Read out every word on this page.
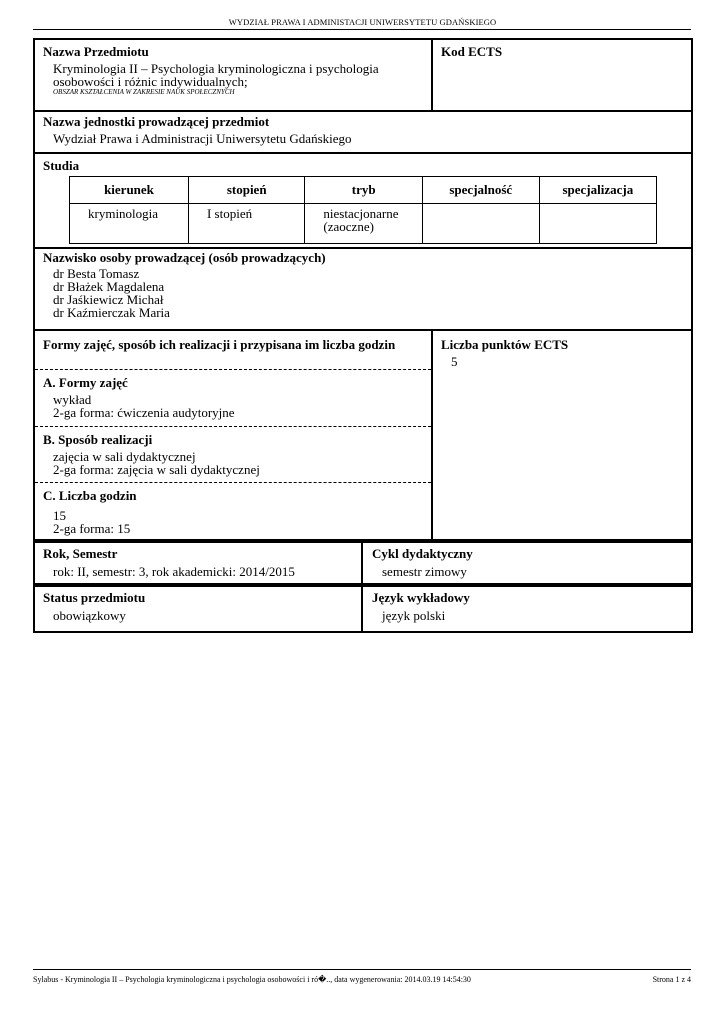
WYDZIAŁ PRAWA I ADMINISTACJI UNIWERSYTETU GDAŃSKIEGO
Nazwa Przedmiotu
Kryminologia II – Psychologia kryminologiczna i psychologia
osobowości i różnic indywidualnych;
OBSZAR KSZTAŁCENIA W ZAKRESIE NAUK SPOŁECZNYCH
Kod ECTS
Nazwa jednostki prowadzącej przedmiot
Wydział Prawa i Administracji Uniwersytetu Gdańskiego
Studia
kierunek	stopień	tryb	specjalność	specjalizacja
kryminologia	I stopień	niestacjonarne (zaoczne)		
Nazwisko osoby prowadzącej (osób prowadzących)
dr Besta Tomasz
dr Błażek Magdalena
dr Jaśkiewicz Michał
dr Kaźmierczak Maria
Formy zajęć, sposób ich realizacji i przypisana im liczba godzin
A. Formy zajęć
wykład
2-ga forma: ćwiczenia audytoryjne
B. Sposób realizacji
zajęcia w sali dydaktycznej
2-ga forma: zajęcia w sali dydaktycznej
C. Liczba godzin
15
2-ga forma: 15
Liczba punktów ECTS
5
Rok, Semestr
rok: II, semestr: 3, rok akademicki: 2014/2015
Cykl dydaktyczny
semestr zimowy
Status przedmiotu
obowiązkowy
Język wykładowy
język polski
Sylabus - Kryminologia II – Psychologia kryminologiczna i psychologia osobowości i ró�.., data wygenerowania: 2014.03.19 14:54:30	Strona 1 z 4
